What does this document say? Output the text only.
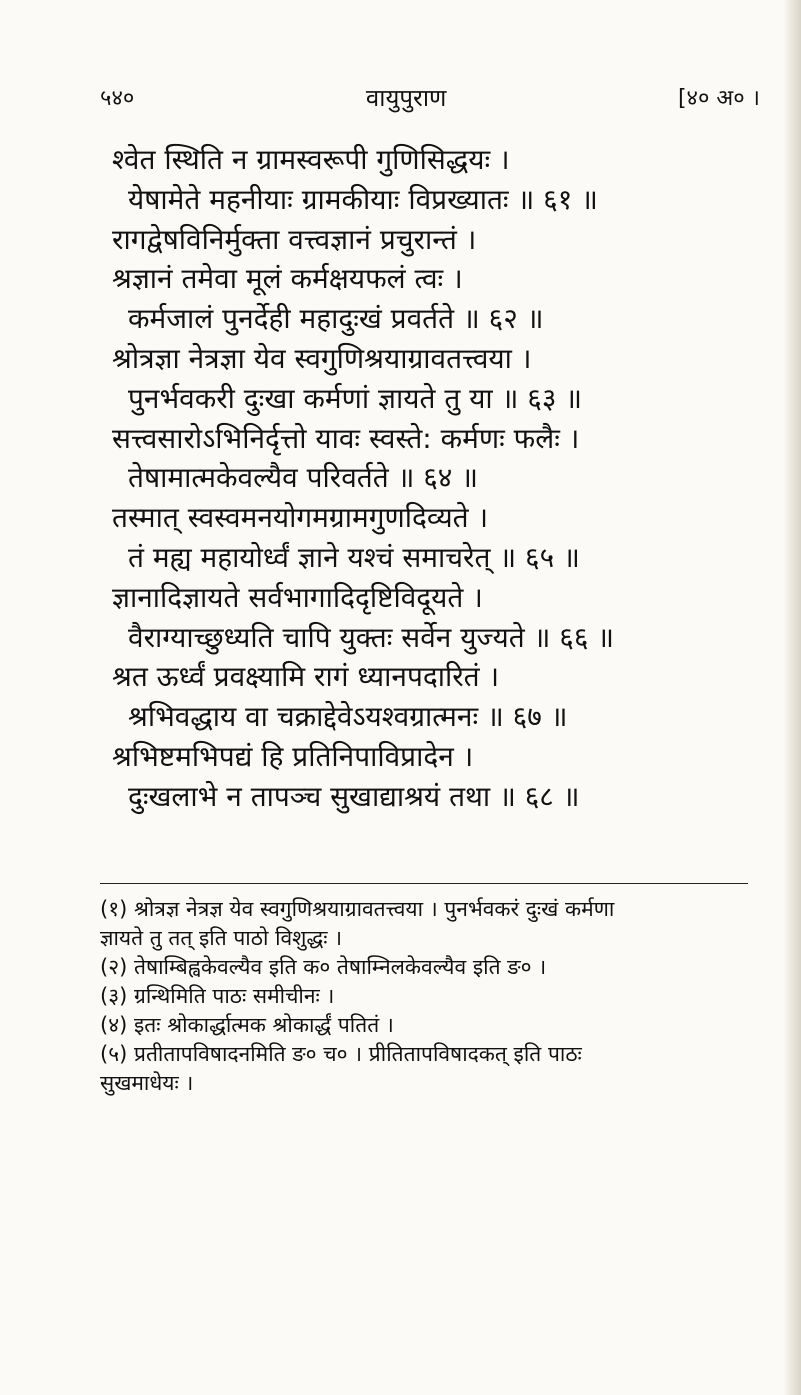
५४०	वायुपुराण	[४० अ० ।
श्वेत स्थिति न ग्रामस्वरूपी गुणिसिद्धयः ।
येषामेते महनीयाः ग्रामकीयाः विप्रख्यातः ॥ ६१ ॥
रागद्वेषविनिर्मुक्ता वत्त्वज्ञानं प्रचुरान्तं ।
श्रज्ञानं तमेवा मूलं कर्मक्षयफलं त्वः ।
कर्मजालं पुनर्देही महादुःखं प्रवर्तते ॥ ६२ ॥
श्रोत्रज्ञा नेत्रज्ञा येव स्वगुणिश्रयाग्रावतत्त्वया ।
पुनर्भवकरी दुःखा कर्मणां ज्ञायते तु या ॥ ६३ ॥
सत्त्वसारोऽभिनिर्दृत्तो यावः स्वस्ते: कर्मणः फलैः ।
तेषामात्मकेवल्यैव परिवर्तते ॥ ६४ ॥
तस्मात् स्वस्वमनयोगमग्रामगुणदिव्यते ।
तं मह्य महायोर्ध्वं ज्ञाने यश्चं समाचरेत् ॥ ६५ ॥
ज्ञानादिज्ञायते सर्वभागादिदृष्टिविदूयते ।
वैराग्याच्छुध्यति चापि युक्तः सर्वेन युज्यते ॥ ६६ ॥
श्रत ऊर्ध्वं प्रवक्ष्यामि रागं ध्यानपदारितं ।
श्रभिवद्धाय वा चक्राद्देवेऽयश्वग्रात्मनः ॥ ६७ ॥
श्रभिष्टमभिपद्यं हि प्रतिनिपाविप्रादेन ।
दुःखलाभे न तापञ्च सुखाद्याश्रयं तथा ॥ ६८ ॥
(१) श्रोत्रज्ञ नेत्रज्ञ येव स्वगुणिश्रयाग्रावतत्त्वया । पुनर्भवकरं दुःखं कर्मणा
ज्ञायते तु तत् इति पाठो विशुद्धः ।
(२) तेषाम्बिह्वकेवल्यैव इति क० तेषाम्निलकेवल्यैव इति ङ० ।
(३) ग्रन्थिमिति पाठः समीचीनः ।
(४) इतः श्रोकार्द्धात्मक श्रोकार्द्धं पतितं ।
(५) प्रतीतापविषादनमिति ङ० च० । प्रीतितापविषादकत् इति पाठः
सुखमाधेयः ।
